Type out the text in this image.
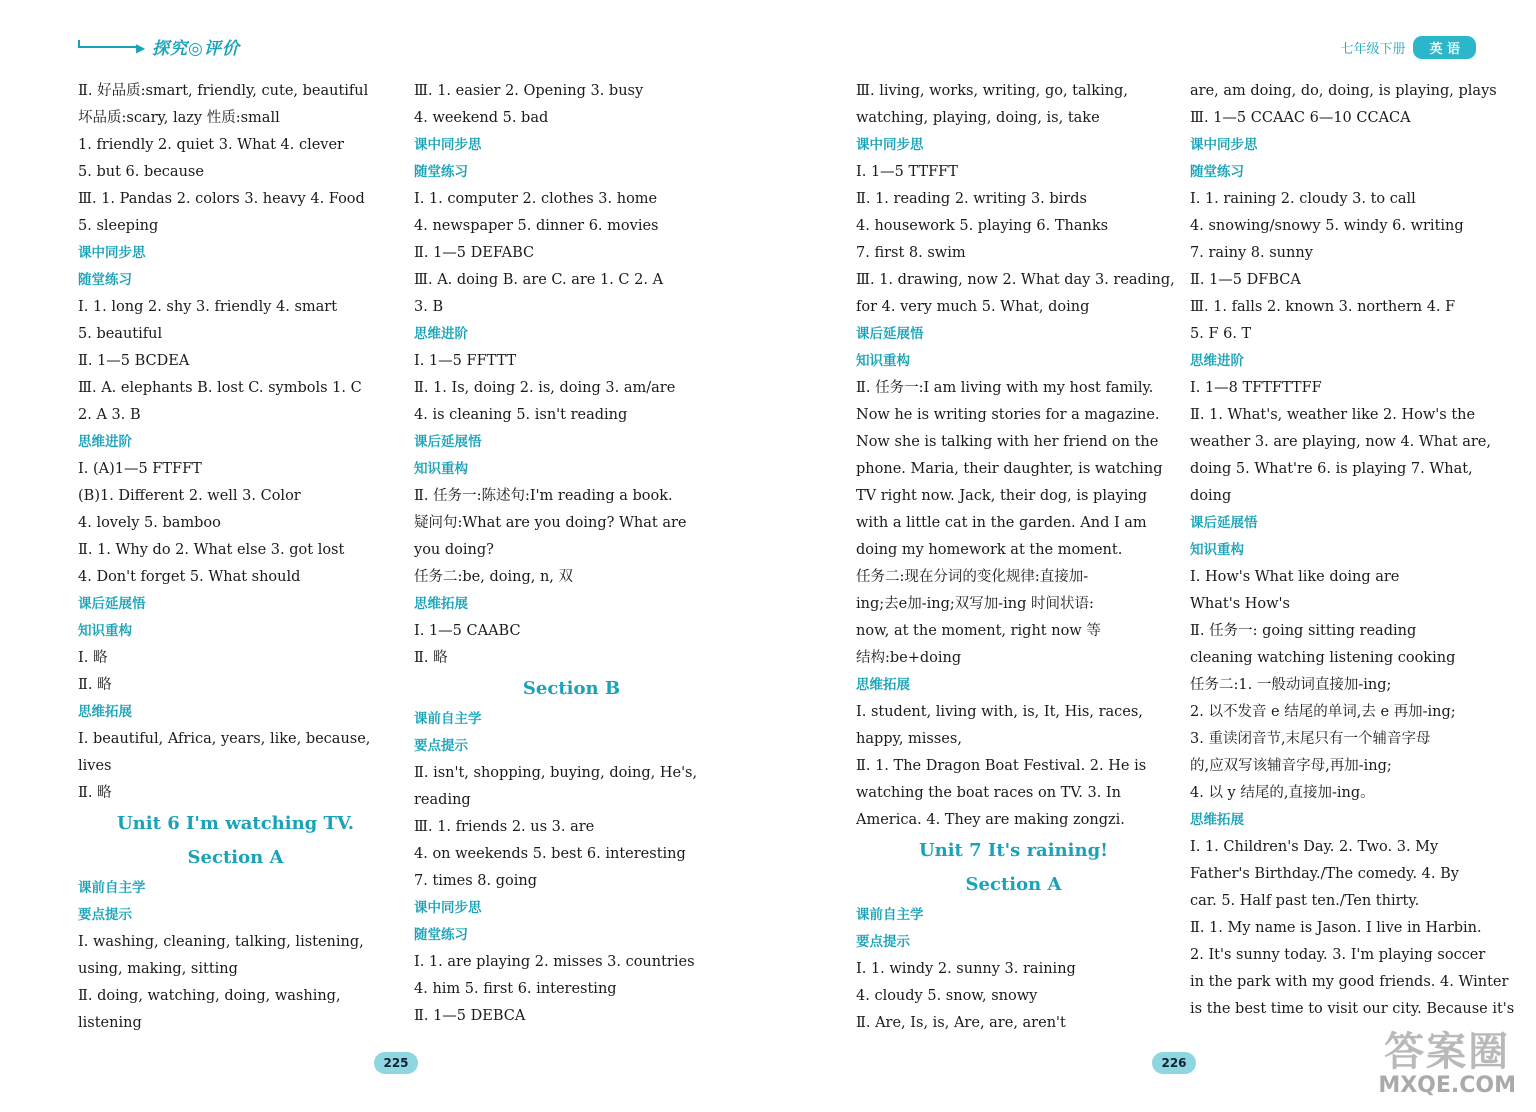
▶ 探究◎评价	七年级下册	英 语
Ⅱ. 好品质:smart, friendly, cute, beautiful
坏品质:scary, lazy 性质:small
1. friendly 2. quiet 3. What 4. clever
5. but 6. because
Ⅲ. 1. Pandas 2. colors 3. heavy 4. Food
5. sleeping
课中同步思
随堂练习
Ⅰ. 1. long 2. shy 3. friendly 4. smart
5. beautiful
Ⅱ. 1—5 BCDEA
Ⅲ. A. elephants B. lost C. symbols 1. C
2. A 3. B
思维进阶
Ⅰ. (A)1—5 FTFFT
(B)1. Different 2. well 3. Color
4. lovely 5. bamboo
Ⅱ. 1. Why do 2. What else 3. got lost
4. Don't forget 5. What should
课后延展悟
知识重构
Ⅰ. 略
Ⅱ. 略
思维拓展
Ⅰ. beautiful, Africa, years, like, because,
lives
Ⅱ. 略
Unit 6 I'm watching TV.
Section A
课前自主学
要点提示
Ⅰ. washing, cleaning, talking, listening,
using, making, sitting
Ⅱ. doing, watching, doing, washing,
listening
Ⅲ. 1. easier 2. Opening 3. busy
4. weekend 5. bad
课中同步思
随堂练习
Ⅰ. 1. computer 2. clothes 3. home
4. newspaper 5. dinner 6. movies
Ⅱ. 1—5 DEFABC
Ⅲ. A. doing B. are C. are 1. C 2. A
3. B
思维进阶
Ⅰ. 1—5 FFTTT
Ⅱ. 1. Is, doing 2. is, doing 3. am/are
4. is cleaning 5. isn't reading
课后延展悟
知识重构
Ⅱ. 任务一:陈述句:I'm reading a book.
疑问句:What are you doing? What are
you doing?
任务二:be, doing, n, 双
思维拓展
Ⅰ. 1—5 CAABC
Ⅱ. 略
Section B
课前自主学
要点提示
Ⅱ. isn't, shopping, buying, doing, He's,
reading
Ⅲ. 1. friends 2. us 3. are
4. on weekends 5. best 6. interesting
7. times 8. going
课中同步思
随堂练习
Ⅰ. 1. are playing 2. misses 3. countries
4. him 5. first 6. interesting
Ⅱ. 1—5 DEBCA
Ⅲ. living, works, writing, go, talking,
watching, playing, doing, is, take
课中同步思
Ⅰ. 1—5 TTFFT
Ⅱ. 1. reading 2. writing 3. birds
4. housework 5. playing 6. Thanks
7. first 8. swim
Ⅲ. 1. drawing, now 2. What day 3. reading,
for 4. very much 5. What, doing
课后延展悟
知识重构
Ⅱ. 任务一:I am living with my host family.
Now he is writing stories for a magazine.
Now she is talking with her friend on the
phone. Maria, their daughter, is watching
TV right now. Jack, their dog, is playing
with a little cat in the garden. And I am
doing my homework at the moment.
任务二:现在分词的变化规律:直接加-
ing;去e加-ing;双写加-ing 时间状语:
now, at the moment, right now 等
结构:be+doing
思维拓展
Ⅰ. student, living with, is, It, His, races,
happy, misses,
Ⅱ. 1. The Dragon Boat Festival. 2. He is
watching the boat races on TV. 3. In
America. 4. They are making zongzi.
Unit 7 It's raining!
Section A
课前自主学
要点提示
Ⅰ. 1. windy 2. sunny 3. raining
4. cloudy 5. snow, snowy
Ⅱ. Are, Is, is, Are, are, aren't
are, am doing, do, doing, is playing, plays
Ⅲ. 1—5 CCAAC 6—10 CCACA
课中同步思
随堂练习
Ⅰ. 1. raining 2. cloudy 3. to call
4. snowing/snowy 5. windy 6. writing
7. rainy 8. sunny
Ⅱ. 1—5 DFBCA
Ⅲ. 1. falls 2. known 3. northern 4. F
5. F 6. T
思维进阶
Ⅰ. 1—8 TFTFTTFF
Ⅱ. 1. What's, weather like 2. How's the
weather 3. are playing, now 4. What are,
doing 5. What're 6. is playing 7. What,
doing
课后延展悟
知识重构
Ⅰ. How's What like doing are
What's How's
Ⅱ. 任务一: going sitting reading
cleaning watching listening cooking
任务二:1. 一般动词直接加-ing;
2. 以不发音 e 结尾的单词,去 e 再加-ing;
3. 重读闭音节,末尾只有一个辅音字母
的,应双写该辅音字母,再加-ing;
4. 以 y 结尾的,直接加-ing。
思维拓展
Ⅰ. 1. Children's Day. 2. Two. 3. My
Father's Birthday./The comedy. 4. By
car. 5. Half past ten./Ten thirty.
Ⅱ. 1. My name is Jason. I live in Harbin.
2. It's sunny today. 3. I'm playing soccer
in the park with my good friends. 4. Winter
is the best time to visit our city. Because it's
225	226	答案圈
MXQE.COM
